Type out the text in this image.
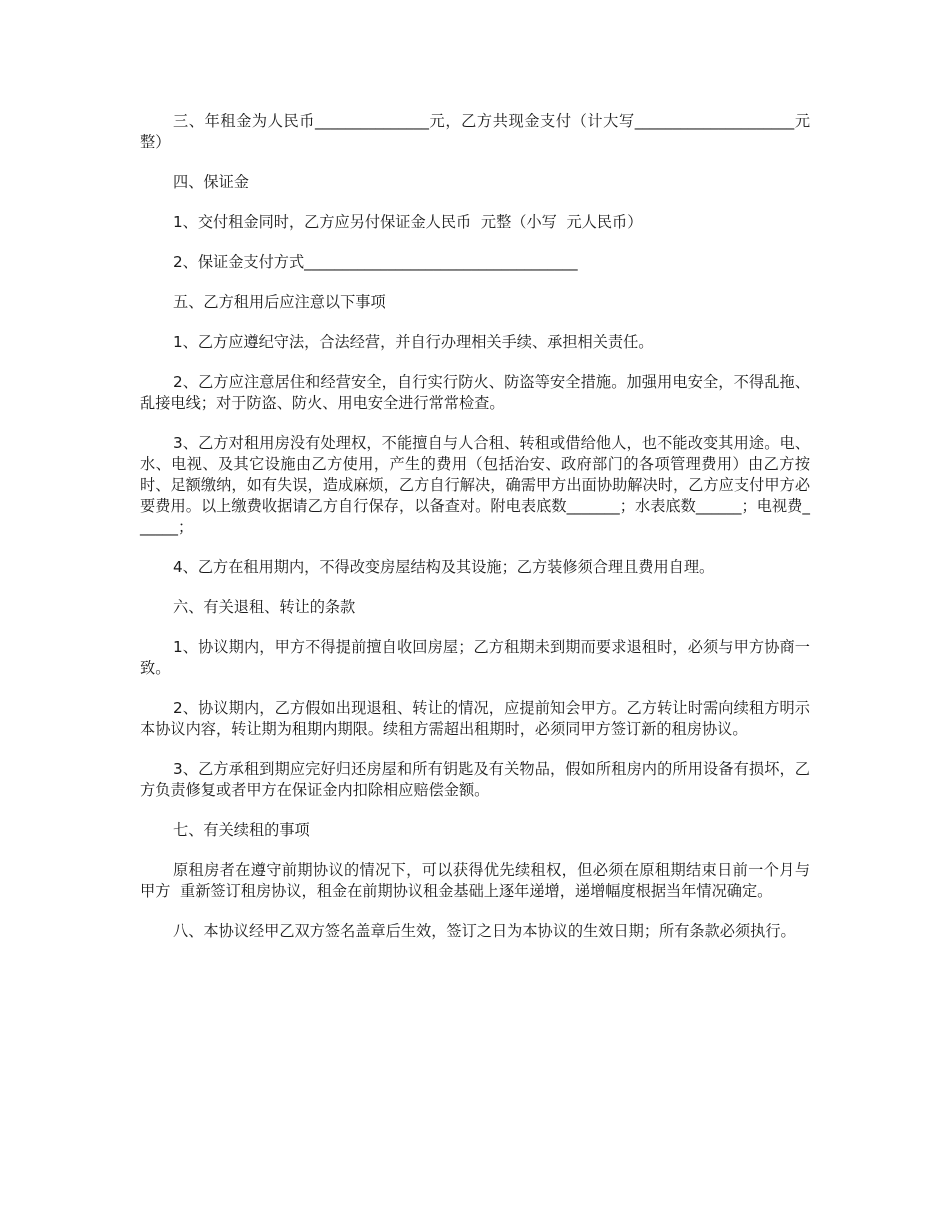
三、年租金为人民币_______________元，乙方共现金支付（计大写_____________________元整）

四、保证金

1、交付租金同时，乙方应另付保证金人民币  元整（小写  元人民币）

2、保证金支付方式____________________________________

五、乙方租用后应注意以下事项

1、乙方应遵纪守法，合法经营，并自行办理相关手续、承担相关责任。

2、乙方应注意居住和经营安全，自行实行防火、防盗等安全措施。加强用电安全，不得乱拖、乱接电线；对于防盗、防火、用电安全进行常常检查。

3、乙方对租用房没有处理权，不能擅自与人合租、转租或借给他人，也不能改变其用途。电、水、电视、及其它设施由乙方使用，产生的费用（包括治安、政府部门的各项管理费用）由乙方按时、足额缴纳，如有失误，造成麻烦，乙方自行解决，确需甲方出面协助解决时，乙方应支付甲方必要费用。以上缴费收据请乙方自行保存，以备查对。附电表底数_______；水表底数______；电视费______；

4、乙方在租用期内，不得改变房屋结构及其设施；乙方装修须合理且费用自理。

六、有关退租、转让的条款

1、协议期内，甲方不得提前擅自收回房屋；乙方租期未到期而要求退租时，必须与甲方协商一致。

2、协议期内，乙方假如出现退租、转让的情况，应提前知会甲方。乙方转让时需向续租方明示本协议内容，转让期为租期内期限。续租方需超出租期时，必须同甲方签订新的租房协议。

3、乙方承租到期应完好归还房屋和所有钥匙及有关物品，假如所租房内的所用设备有损坏，乙方负责修复或者甲方在保证金内扣除相应赔偿金额。

七、有关续租的事项

原租房者在遵守前期协议的情况下，可以获得优先续租权，但必须在原租期结束日前一个月与甲方  重新签订租房协议，租金在前期协议租金基础上逐年递增，递增幅度根据当年情况确定。

八、本协议经甲乙双方签名盖章后生效，签订之日为本协议的生效日期；所有条款必须执行。
